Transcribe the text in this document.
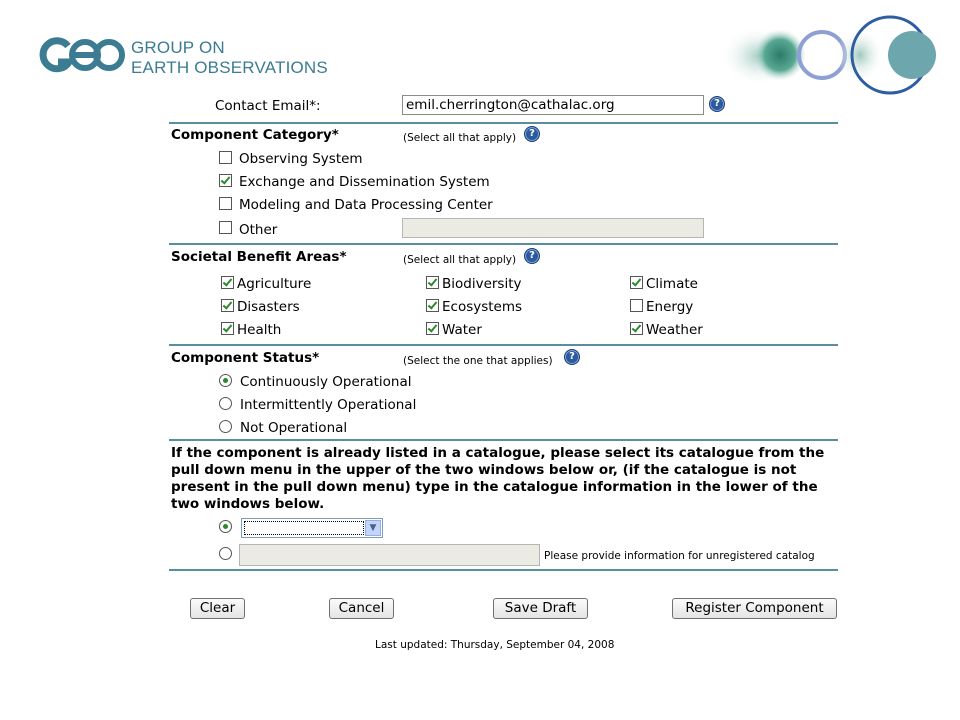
GROUP ON
EARTH OBSERVATIONS
Contact Email*:	emil.cherrington@cathalac.org	?
Component Category*	(Select all that apply)	?
Observing System
Exchange and Dissemination System
Modeling and Data Processing Center
Other
Societal Benefit Areas*	(Select all that apply)	?
Agriculture	Biodiversity	Climate
Disasters	Ecosystems	Energy
Health	Water	Weather
Component Status*	(Select the one that applies)	?
Continuously Operational
Intermittently Operational
Not Operational
If the component is already listed in a catalogue, please select its catalogue from the
pull down menu in the upper of the two windows below or, (if the catalogue is not
present in the pull down menu) type in the catalogue information in the lower of the
two windows below.
▼
Please provide information for unregistered catalog
Clear	Cancel	Save Draft	Register Component
Last updated: Thursday, September 04, 2008
